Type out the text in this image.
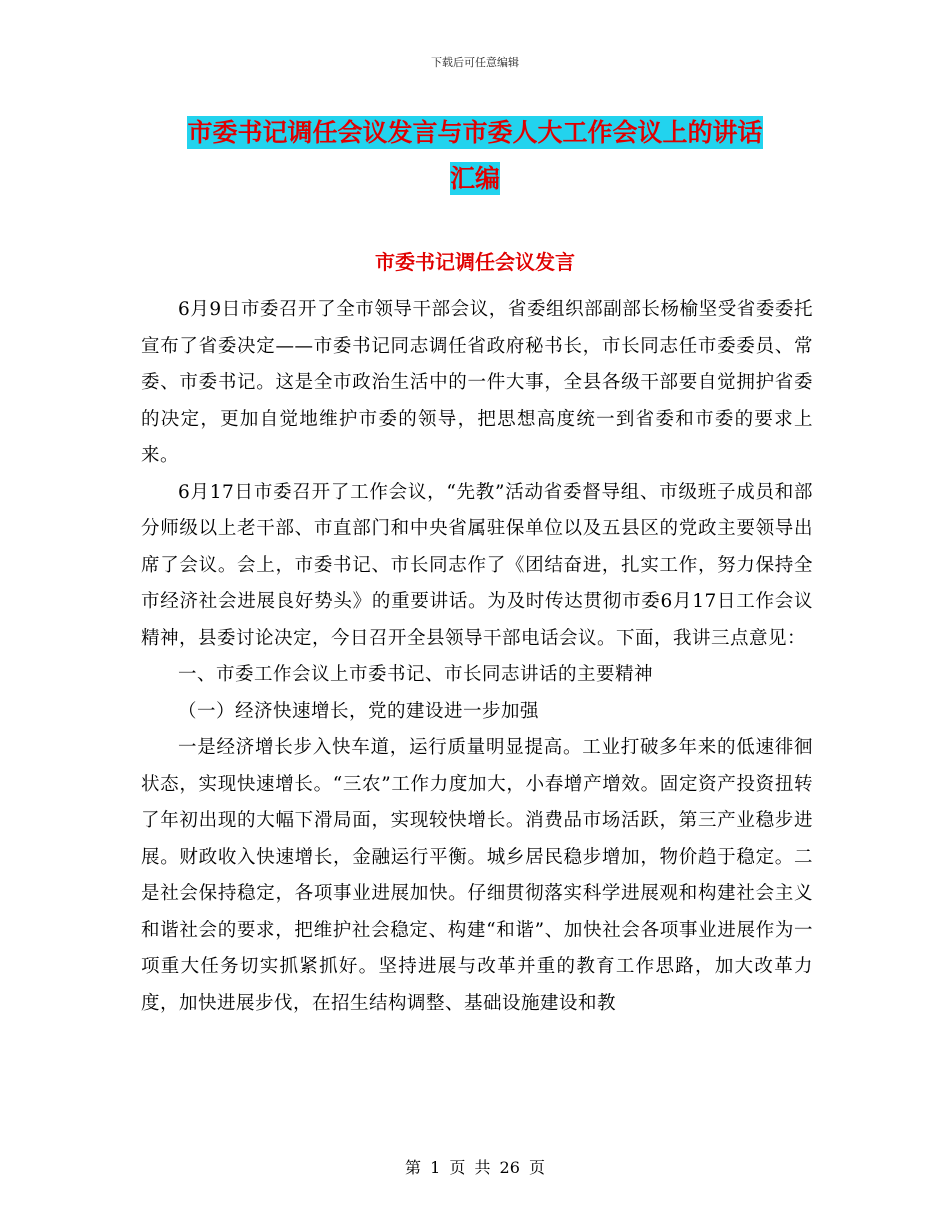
下载后可任意编辑
市委书记调任会议发言与市委人大工作会议上的讲话
汇编
市委书记调任会议发言

6月9日市委召开了全市领导干部会议，省委组织部副部长杨榆坚受省委委托宣布了省委决定——市委书记同志调任省政府秘书长，市长同志任市委委员、常委、市委书记。这是全市政治生活中的一件大事，全县各级干部要自觉拥护省委的决定，更加自觉地维护市委的领导，把思想高度统一到省委和市委的要求上来。

6月17日市委召开了工作会议，“先教”活动省委督导组、市级班子成员和部分师级以上老干部、市直部门和中央省属驻保单位以及五县区的党政主要领导出席了会议。会上，市委书记、市长同志作了《团结奋进，扎实工作，努力保持全市经济社会进展良好势头》的重要讲话。为及时传达贯彻市委6月17日工作会议精神，县委讨论决定，今日召开全县领导干部电话会议。下面，我讲三点意见：

一、市委工作会议上市委书记、市长同志讲话的主要精神

（一）经济快速增长，党的建设进一步加强

一是经济增长步入快车道，运行质量明显提高。工业打破多年来的低速徘徊状态，实现快速增长。“三农”工作力度加大，小春增产增效。固定资产投资扭转了年初出现的大幅下滑局面，实现较快增长。消费品市场活跃，第三产业稳步进展。财政收入快速增长，金融运行平衡。城乡居民稳步增加，物价趋于稳定。二是社会保持稳定，各项事业进展加快。仔细贯彻落实科学进展观和构建社会主义和谐社会的要求，把维护社会稳定、构建“和谐”、加快社会各项事业进展作为一项重大任务切实抓紧抓好。坚持进展与改革并重的教育工作思路，加大改革力度，加快进展步伐，在招生结构调整、基础设施建设和教

第 1 页 共 26 页
